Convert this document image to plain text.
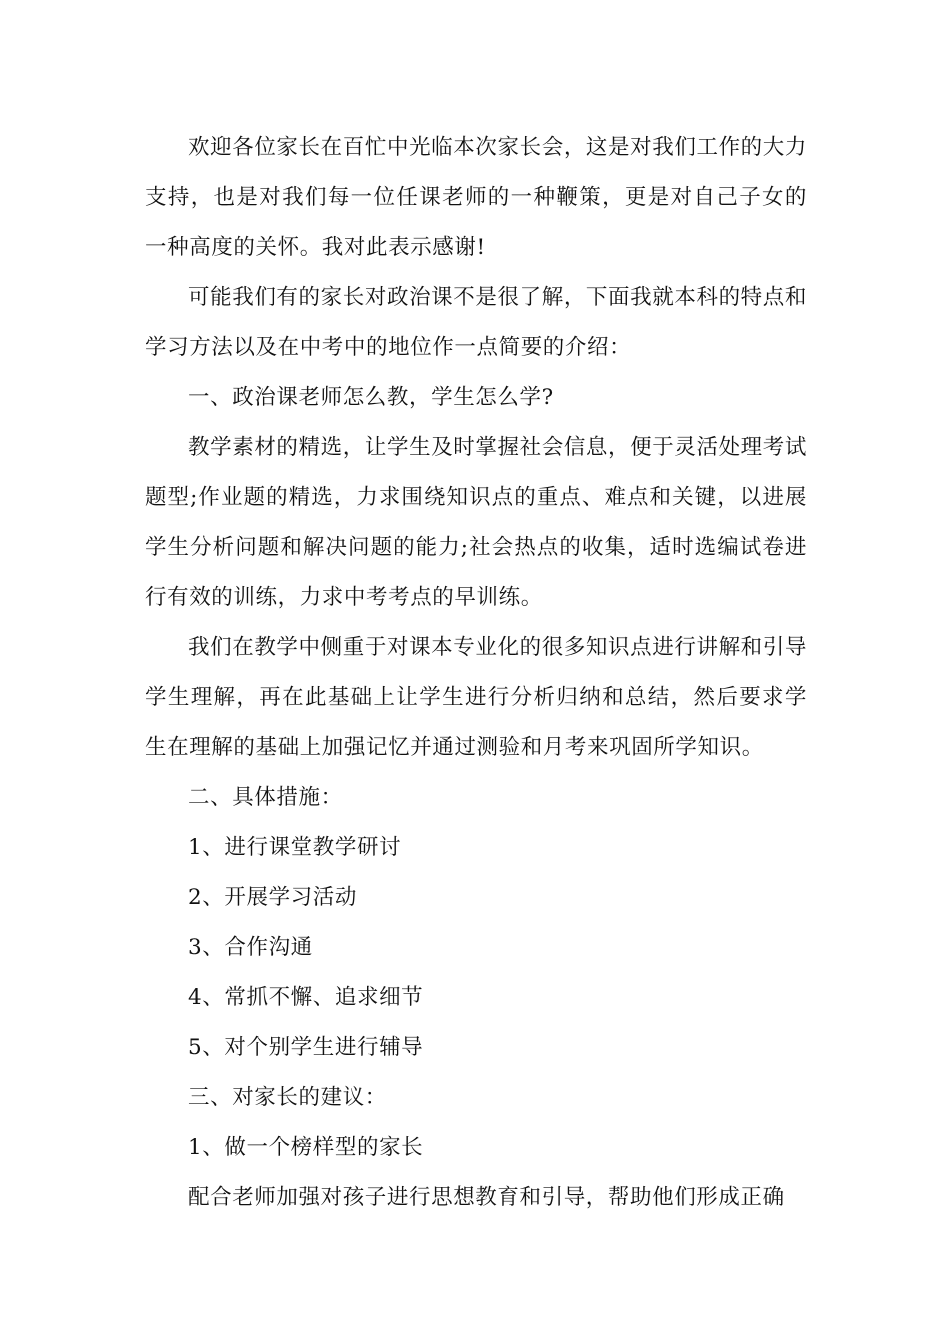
欢迎各位家长在百忙中光临本次家长会，这是对我们工作的大力支持，也是对我们每一位任课老师的一种鞭策，更是对自己子女的一种高度的关怀。我对此表示感谢!

可能我们有的家长对政治课不是很了解，下面我就本科的特点和学习方法以及在中考中的地位作一点简要的介绍：

一、政治课老师怎么教，学生怎么学?

教学素材的精选，让学生及时掌握社会信息，便于灵活处理考试题型;作业题的精选，力求围绕知识点的重点、难点和关键，以进展学生分析问题和解决问题的能力;社会热点的收集，适时选编试卷进行有效的训练，力求中考考点的早训练。

我们在教学中侧重于对课本专业化的很多知识点进行讲解和引导学生理解，再在此基础上让学生进行分析归纳和总结，然后要求学生在理解的基础上加强记忆并通过测验和月考来巩固所学知识。

二、具体措施：

1、进行课堂教学研讨

2、开展学习活动

3、合作沟通

4、常抓不懈、追求细节

5、对个别学生进行辅导

三、对家长的建议：

1、做一个榜样型的家长

配合老师加强对孩子进行思想教育和引导，帮助他们形成正确
